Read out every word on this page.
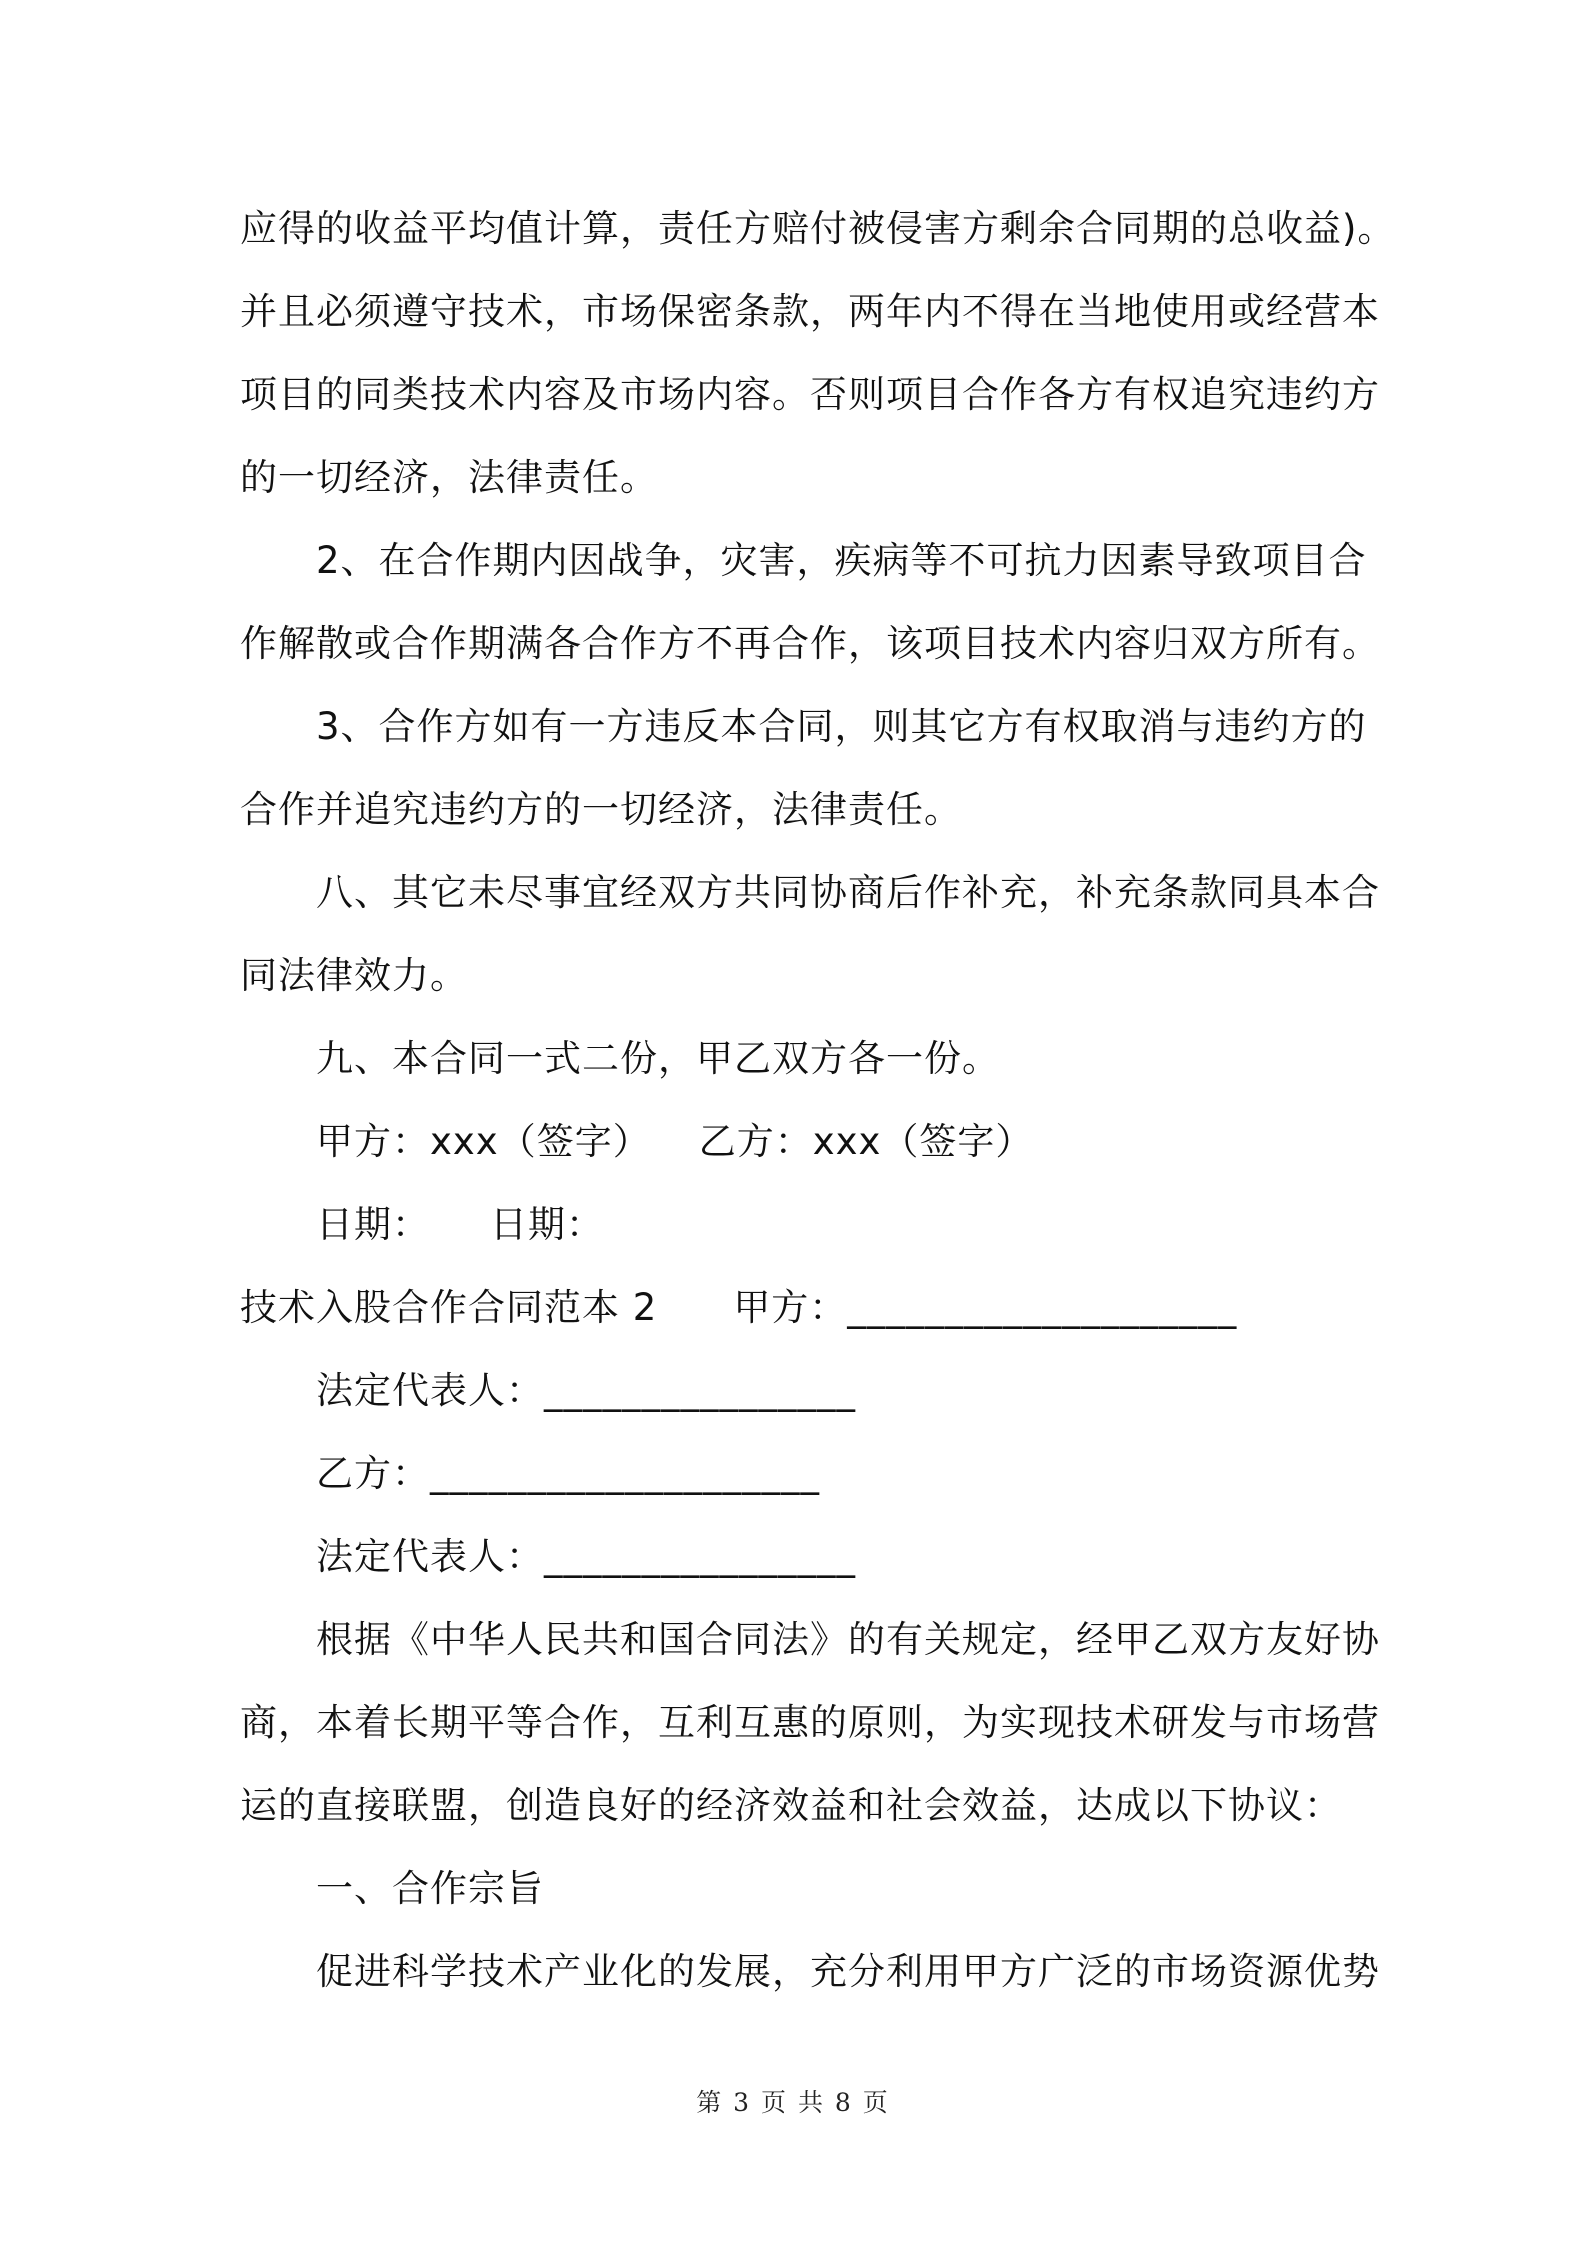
应得的收益平均值计算，责任方赔付被侵害方剩余合同期的总收益)。
并且必须遵守技术，市场保密条款，两年内不得在当地使用或经营本
项目的同类技术内容及市场内容。否则项目合作各方有权追究违约方
的一切经济，法律责任。
2、在合作期内因战争，灾害，疾病等不可抗力因素导致项目合
作解散或合作期满各合作方不再合作，该项目技术内容归双方所有。
3、合作方如有一方违反本合同，则其它方有权取消与违约方的
合作并追究违约方的一切经济，法律责任。
八、其它未尽事宜经双方共同协商后作补充，补充条款同具本合
同法律效力。
九、本合同一式二份，甲乙双方各一份。
甲方：xxx（签字） 乙方：xxx（签字）
日期： 日期：
技术入股合作合同范本 2 甲方：____________________
法定代表人：________________
乙方：____________________
法定代表人：________________
根据《中华人民共和国合同法》的有关规定，经甲乙双方友好协
商，本着长期平等合作，互利互惠的原则，为实现技术研发与市场营
运的直接联盟，创造良好的经济效益和社会效益，达成以下协议：
一、合作宗旨
促进科学技术产业化的发展，充分利用甲方广泛的市场资源优势
第 3 页 共 8 页
